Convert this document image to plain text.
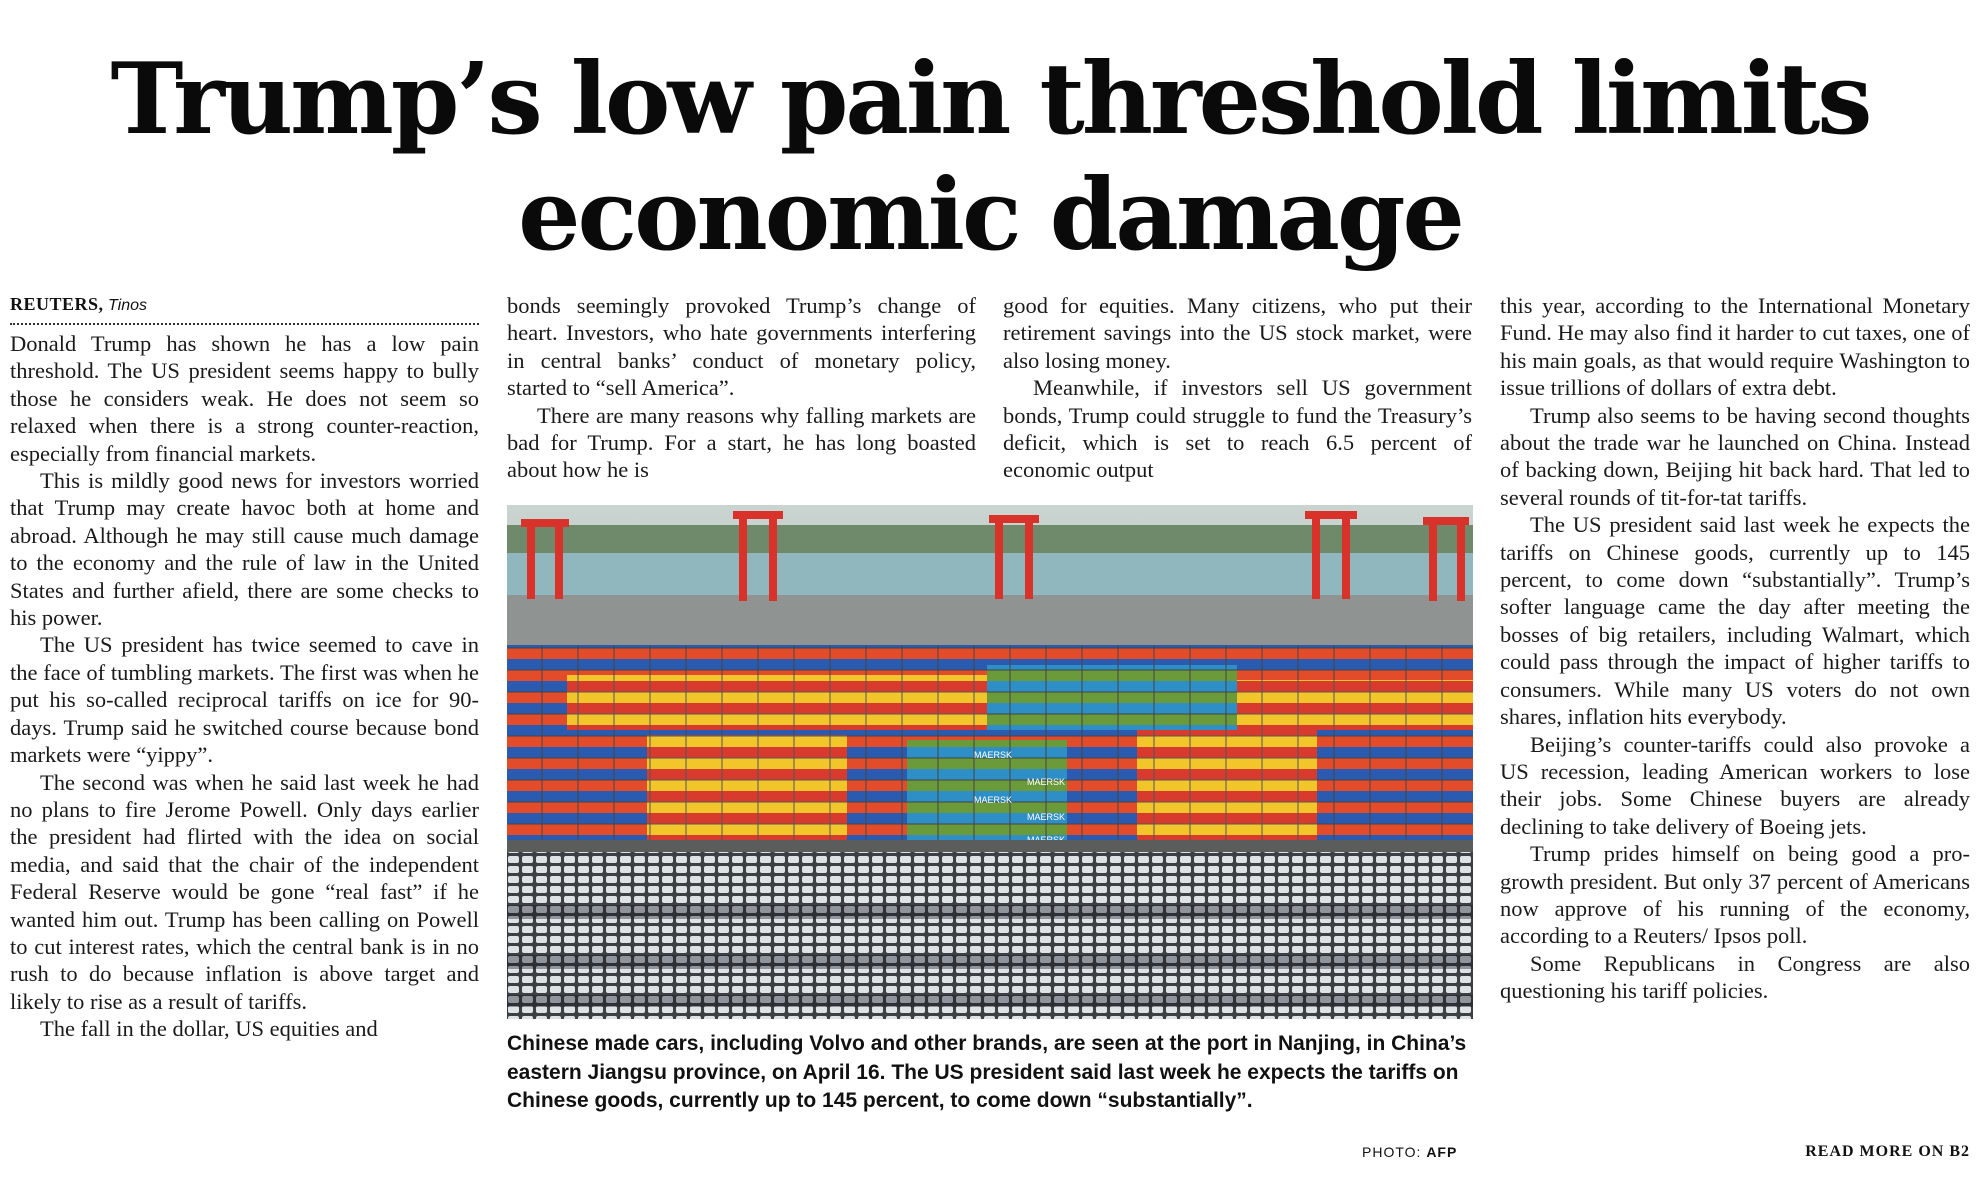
Trump’s low pain threshold limits
economic damage
REUTERS, Tinos

Donald Trump has shown he has a low pain threshold. The US president seems happy to bully those he considers weak. He does not seem so relaxed when there is a strong counter-reaction, especially from financial markets.

This is mildly good news for investors worried that Trump may create havoc both at home and abroad. Although he may still cause much damage to the economy and the rule of law in the United States and further afield, there are some checks to his power.

The US president has twice seemed to cave in the face of tumbling markets. The first was when he put his so-called reciprocal tariffs on ice for 90-days. Trump said he switched course because bond markets were “yippy”.

The second was when he said last week he had no plans to fire Jerome Powell. Only days earlier the president had flirted with the idea on social media, and said that the chair of the independent Federal Reserve would be gone “real fast” if he wanted him out. Trump has been calling on Powell to cut interest rates, which the central bank is in no rush to do because inflation is above target and likely to rise as a result of tariffs.

The fall in the dollar, US equities and

bonds seemingly provoked Trump’s change of heart. Investors, who hate governments interfering in central banks’ conduct of monetary policy, started to “sell America”.

There are many reasons why falling markets are bad for Trump. For a start, he has long boasted about how he is

good for equities. Many citizens, who put their retirement savings into the US stock market, were also losing money.

Meanwhile, if investors sell US government bonds, Trump could struggle to fund the Treasury’s deficit, which is set to reach 6.5 percent of economic output

this year, according to the International Monetary Fund. He may also find it harder to cut taxes, one of his main goals, as that would require Washington to issue trillions of dollars of extra debt.

Trump also seems to be having second thoughts about the trade war he launched on China. Instead of backing down, Beijing hit back hard. That led to several rounds of tit-for-tat tariffs.

The US president said last week he expects the tariffs on Chinese goods, currently up to 145 percent, to come down “substantially”. Trump’s softer language came the day after meeting the bosses of big retailers, including Walmart, which could pass through the impact of higher tariffs to consumers. While many US voters do not own shares, inflation hits everybody.

Beijing’s counter-tariffs could also provoke a US recession, leading American workers to lose their jobs. Some Chinese buyers are already declining to take delivery of Boeing jets.

Trump prides himself on being good a pro-growth president. But only 37 percent of Americans now approve of his running of the economy, according to a Reuters/ Ipsos poll.

Some Republicans in Congress are also questioning his tariff policies.

MAERSK
MAERSK
MAERSK
MAERSK
Chinese made cars, including Volvo and other brands, are seen at the port in Nanjing, in China’s eastern Jiangsu province, on April 16. The US president said last week he expects the tariffs on Chinese goods, currently up to 145 percent, to come down “substantially”.
PHOTO: AFP	READ MORE ON B2
